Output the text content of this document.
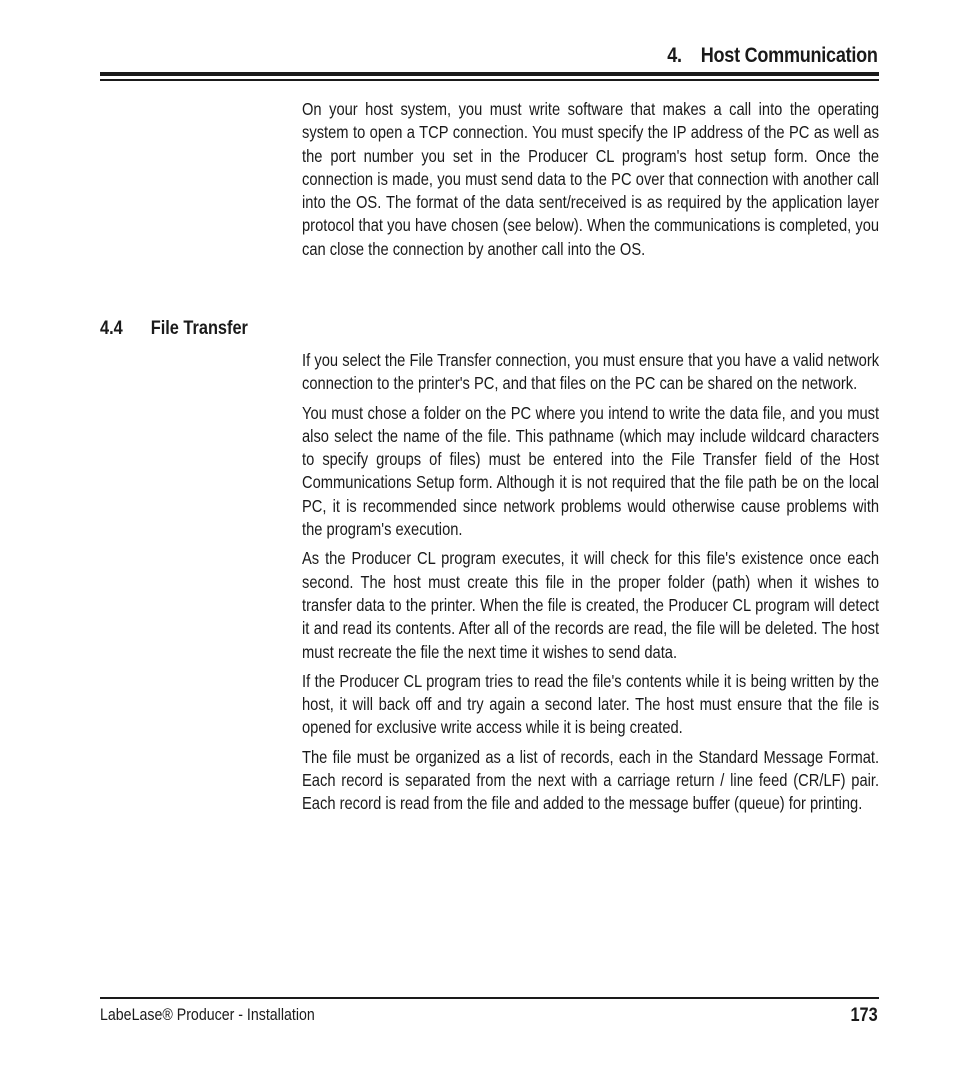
4. Host Communication

On your host system, you must write software that makes a call into the operating system to open a TCP connection. You must specify the IP address of the PC as well as the port number you set in the Producer CL program's host setup form. Once the connection is made, you must send data to the PC over that connection with another call into the OS. The format of the data sent/received is as required by the application layer protocol that you have chosen (see below). When the communications is completed, you can close the connection by another call into the OS.

4.4 File Transfer

If you select the File Transfer connection, you must ensure that you have a valid network connection to the printer's PC, and that files on the PC can be shared on the network.

You must chose a folder on the PC where you intend to write the data file, and you must also select the name of the file. This pathname (which may include wildcard characters to specify groups of files) must be entered into the File Transfer field of the Host Communications Setup form. Although it is not required that the file path be on the local PC, it is recommended since network problems would otherwise cause problems with the program's execution.

As the Producer CL program executes, it will check for this file's existence once each second. The host must create this file in the proper folder (path) when it wishes to transfer data to the printer. When the file is created, the Producer CL program will detect it and read its contents. After all of the records are read, the file will be deleted. The host must recreate the file the next time it wishes to send data.

If the Producer CL program tries to read the file's contents while it is being written by the host, it will back off and try again a second later. The host must ensure that the file is opened for exclusive write access while it is being created.

The file must be organized as a list of records, each in the Standard Message Format. Each record is separated from the next with a carriage return / line feed (CR/LF) pair. Each record is read from the file and added to the message buffer (queue) for printing.

LabeLase® Producer - Installation	173
